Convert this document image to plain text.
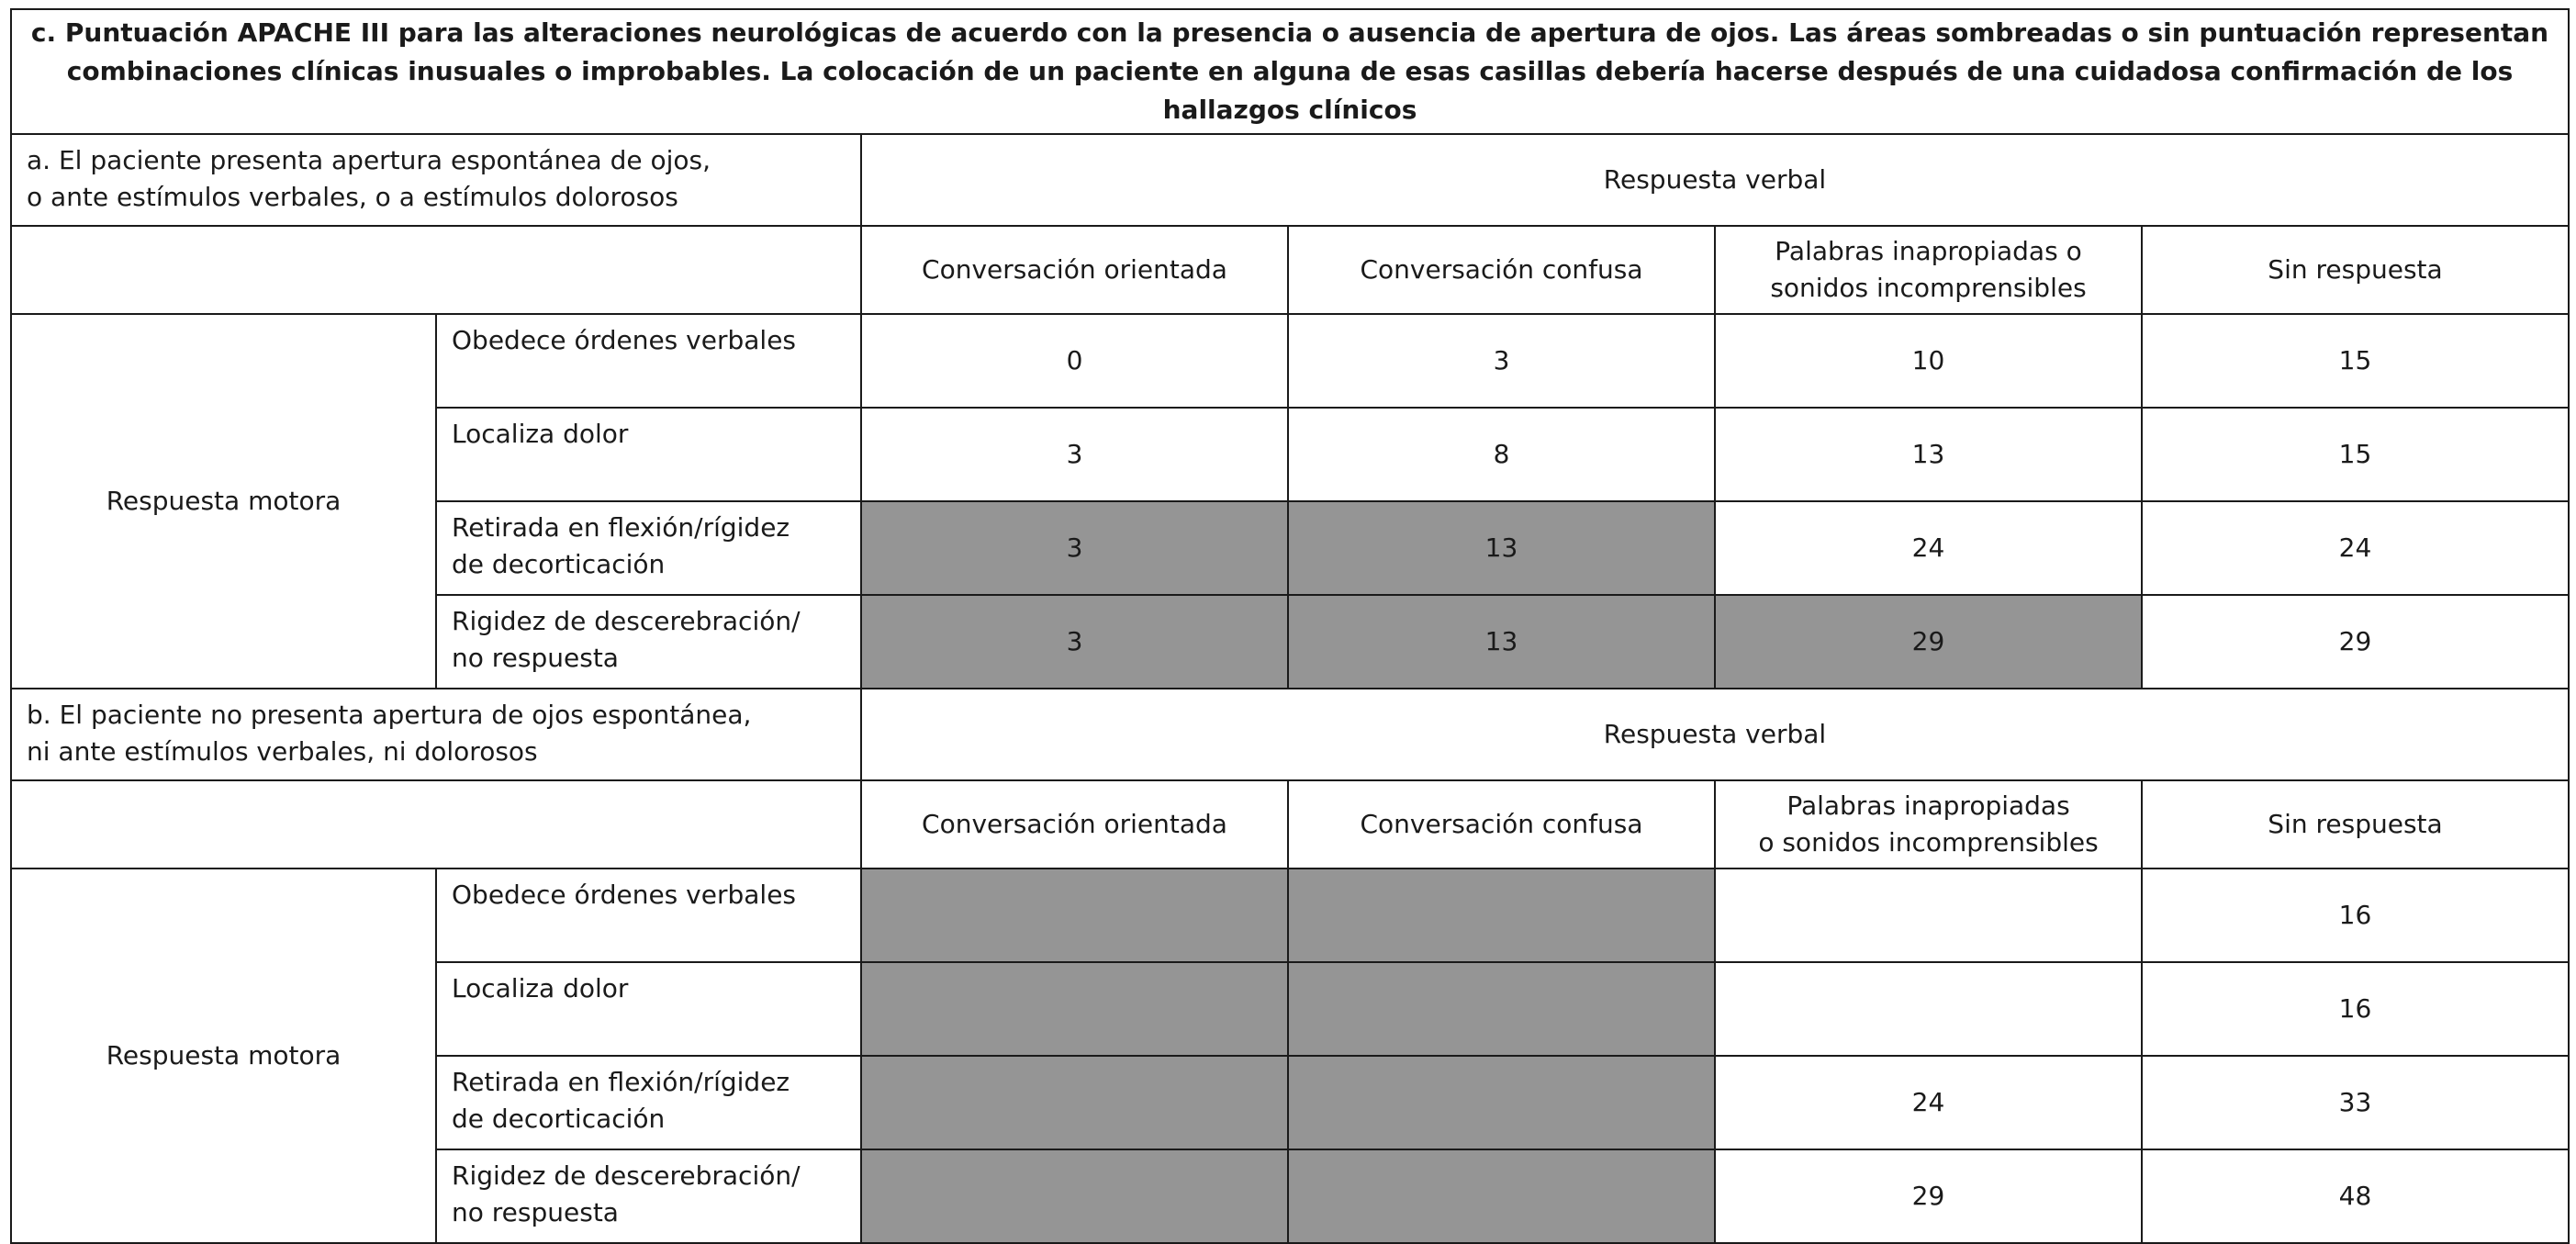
c. Puntuación APACHE III para las alteraciones neurológicas de acuerdo con la presencia o ausencia de apertura de ojos. Las áreas sombreadas o sin puntuación representan combinaciones clínicas inusuales o improbables. La colocación de un paciente en alguna de esas casillas debería hacerse después de una cuidadosa confirmación de los hallazgos clínicos					
a. El paciente presenta apertura espontánea de ojos,
o ante estímulos verbales, o a estímulos dolorosos		Respuesta verbal			
		Conversación orientada	Conversación confusa	Palabras inapropiadas o
sonidos incomprensibles	Sin respuesta
Respuesta motora	Obedece órdenes verbales	0	3	10	15
	Localiza dolor	3	8	13	15
	Retirada en flexión/rígidez
de decorticación	3	13	24	24
	Rigidez de descerebración/
no respuesta	3	13	29	29
b. El paciente no presenta apertura de ojos espontánea,
ni ante estímulos verbales, ni dolorosos		Respuesta verbal			
		Conversación orientada	Conversación confusa	Palabras inapropiadas
o sonidos incomprensibles	Sin respuesta
Respuesta motora	Obedece órdenes verbales				16
	Localiza dolor				16
	Retirada en flexión/rígidez
de decorticación			24	33
	Rigidez de descerebración/
no respuesta			29	48
